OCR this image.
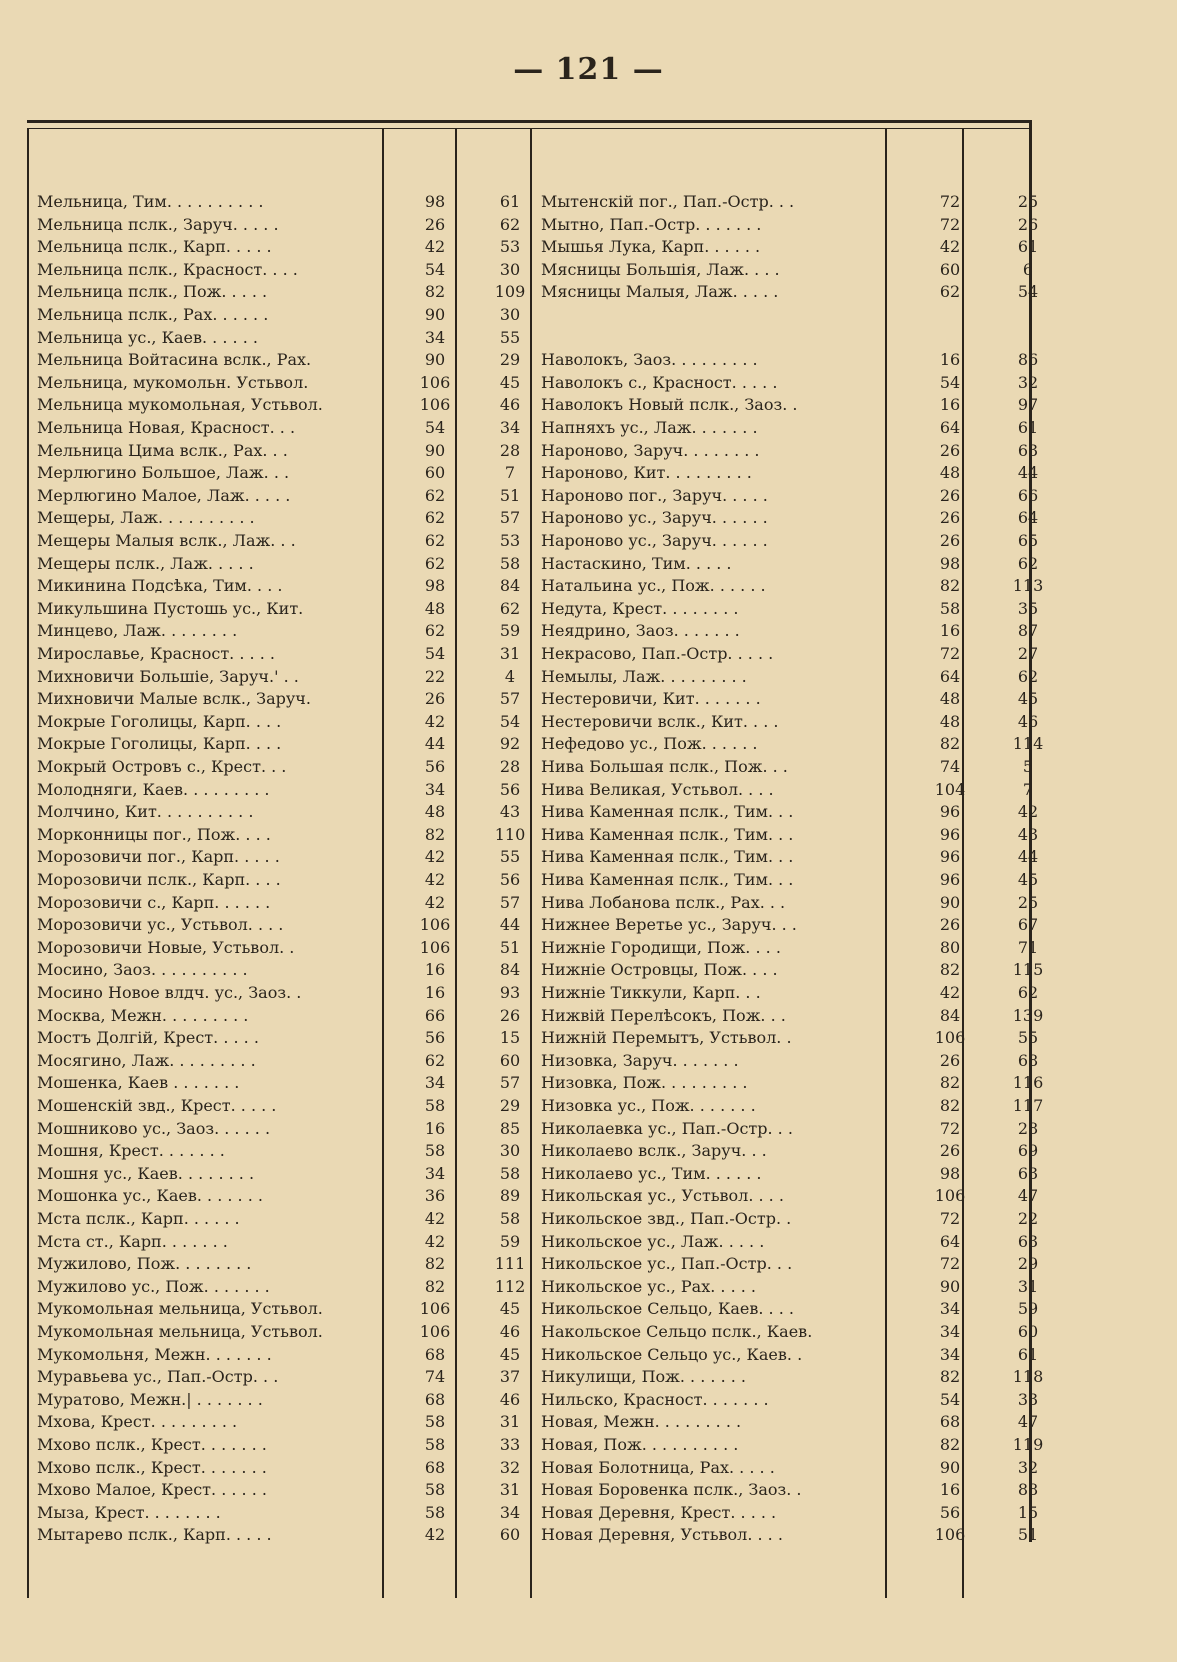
— 121 —
Мельница, Тим. . . . . . . . . .	98	61
Мельница пслк., Заруч. . . . .	26	62
Мельница пслк., Карп. . . . .	42	53
Мельница пслк., Красност. . . .	54	30
Мельница пслк., Пож. . . . .	82	109
Мельница пслк., Рах. . . . . .	90	30
Мельница ус., Каев. . . . . .	34	55
Мельница Войтасина вслк., Рах.	90	29
Мельница, мукомольн. Устьвол.	106	45
Мельница мукомольная, Устьвол.	106	46
Мельница Новая, Красност. . .	54	34
Мельница Цима вслк., Рах. . .	90	28
Мерлюгино Большое, Лаж. . .	60	7
Мерлюгино Малое, Лаж. . . . .	62	51
Мещеры, Лаж. . . . . . . . . .	62	57
Мещеры Малыя вслк., Лаж. . .	62	53
Мещеры пслк., Лаж. . . . .	62	58
Микинина Подсѣка, Тим. . . .	98	84
Микульшина Пустошь ус., Кит.	48	62
Минцево, Лаж. . . . . . . .	62	59
Мирославье, Красност. . . . .	54	31
Михновичи Большіе, Заруч.' . .	22	4
Михновичи Малые вслк., Заруч.	26	57
Мокрые Гоголицы, Карп. . . .	42	54
Мокрые Гоголицы, Карп. . . .	44	92
Мокрый Островъ с., Крест. . .	56	28
Молодняги, Каев. . . . . . . . .	34	56
Молчино, Кит. . . . . . . . . .	48	43
Морконницы пог., Пож. . . .	82	110
Морозовичи пог., Карп. . . . .	42	55
Морозовичи пслк., Карп. . . .	42	56
Морозовичи с., Карп. . . . . .	42	57
Морозовичи ус., Устьвол. . . .	106	44
Морозовичи Новые, Устьвол. .	106	51
Мосино, Заоз. . . . . . . . . .	16	84
Мосино Новое влдч. ус., Заоз. .	16	93
Москва, Межн. . . . . . . . .	66	26
Мостъ Долгій, Крест. . . . .	56	15
Мосягино, Лаж. . . . . . . . .	62	60
Мошенка, Каев . . . . . . .	34	57
Мошенскій звд., Крест. . . . .	58	29
Мошниково ус., Заоз. . . . . .	16	85
Мошня, Крест. . . . . . .	58	30
Мошня ус., Каев. . . . . . . .	34	58
Мошонка ус., Каев. . . . . . .	36	89
Мста пслк., Карп. . . . . .	42	58
Мста ст., Карп. . . . . . .	42	59
Мужилово, Пож. . . . . . . .	82	111
Мужилово ус., Пож. . . . . . .	82	112
Мукомольная мельница, Устьвол.	106	45
Мукомольная мельница, Устьвол.	106	46
Мукомольня, Межн. . . . . . .	68	45
Муравьева ус., Пап.-Остр. . .	74	37
Муратово, Межн.| . . . . . . .	68	46
Мхова, Крест. . . . . . . . .	58	31
Мхово пслк., Крест. . . . . . .	58	33
Мхово пслк., Крест. . . . . . .	68	32
Мхово Малое, Крест. . . . . .	58	31
Мыза, Крест. . . . . . . .	58	34
Мытарево пслк., Карп. . . . .	42	60
Мытенскій пог., Пап.-Остр. . .	72	25
Мытно, Пап.-Остр. . . . . . .	72	26
Мышья Лука, Карп. . . . . .	42	61
Мясницы Большія, Лаж. . . .	60	6
Мясницы Малыя, Лаж. . . . .	62	54
Наволокъ, Заоз. . . . . . . . .	16	86
Наволокъ с., Красност. . . . .	54	32
Наволокъ Новый пслк., Заоз. .	16	97
Напняхъ ус., Лаж. . . . . . .	64	61
Нароново, Заруч. . . . . . . .	26	63
Нароново, Кит. . . . . . . . .	48	44
Нароново пог., Заруч. . . . .	26	66
Нароново ус., Заруч. . . . . .	26	64
Нароново ус., Заруч. . . . . .	26	65
Настаскино, Тим. . . . .	98	62
Натальина ус., Пож. . . . . .	82	113
Недута, Крест. . . . . . . .	58	35
Неядрино, Заоз. . . . . . .	16	87
Некрасово, Пап.-Остр. . . . .	72	27
Немылы, Лаж. . . . . . . . .	64	62
Нестеровичи, Кит. . . . . . .	48	45
Нестеровичи вслк., Кит. . . .	48	46
Нефедово ус., Пож. . . . . .	82	114
Нива Большая пслк., Пож. . .	74	5
Нива Великая, Устьвол. . . .	104	7
Нива Каменная пслк., Тим. . .	96	42
Нива Каменная пслк., Тим. . .	96	43
Нива Каменная пслк., Тим. . .	96	44
Нива Каменная пслк., Тим. . .	96	45
Нива Лобанова пслк., Рах. . .	90	25
Нижнее Веретье ус., Заруч. . .	26	67
Нижніе Городищи, Пож. . . .	80	71
Нижніе Островцы, Пож. . . .	82	115
Нижніе Тиккули, Карп. . .	42	62
Нижвій Перелѣсокъ, Пож. . .	84	139
Нижній Перемытъ, Устьвол. .	106	55
Низовка, Заруч. . . . . . .	26	68
Низовка, Пож. . . . . . . . .	82	116
Низовка ус., Пож. . . . . . .	82	117
Николаевка ус., Пап.-Остр. . .	72	28
Николаево вслк., Заруч. . .	26	69
Николаево ус., Тим. . . . . .	98	63
Никольская ус., Устьвол. . . .	106	47
Никольское звд., Пап.-Остр. .	72	22
Никольское ус., Лаж. . . . .	64	63
Никольское ус., Пап.-Остр. . .	72	29
Никольское ус., Рах. . . . .	90	31
Никольское Сельцо, Каев. . . .	34	59
Накольское Сельцо пслк., Каев.	34	60
Никольское Сельцо ус., Каев. .	34	61
Никулищи, Пож. . . . . . .	82	118
Нильско, Красност. . . . . . .	54	33
Новая, Межн. . . . . . . . .	68	47
Новая, Пож. . . . . . . . . .	82	119
Новая Болотница, Рах. . . . .	90	32
Новая Боровенка пслк., Заоз. .	16	88
Новая Деревня, Крест. . . . .	56	15
Новая Деревня, Устьвол. . . .	106	51
